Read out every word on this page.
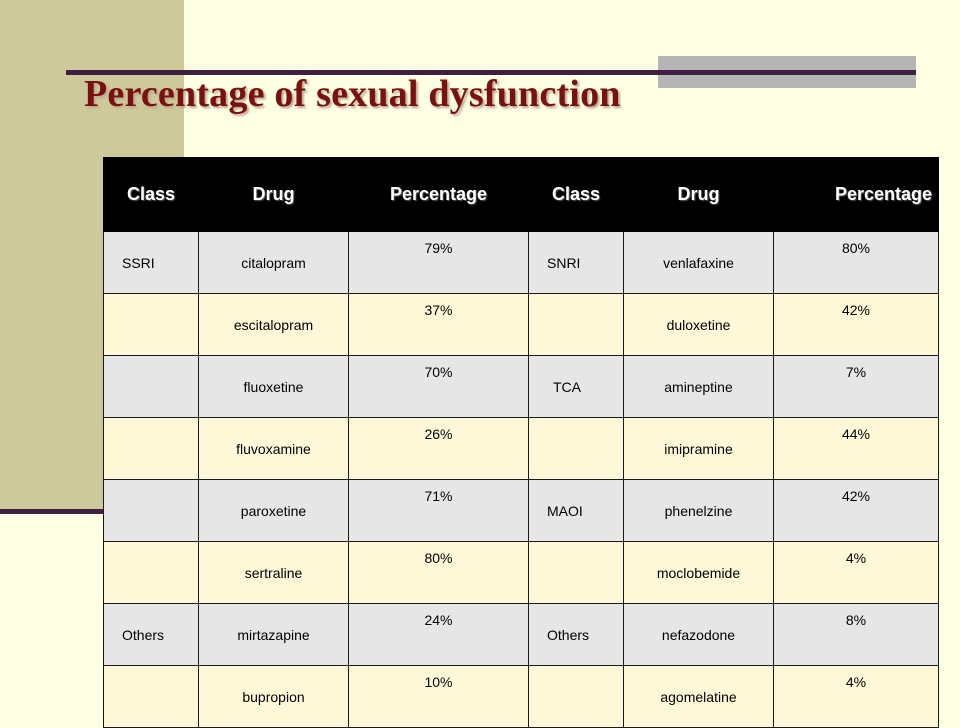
Percentage of sexual dysfunction
Class	Drug	Percentage	Class	Drug	Percentage
SSRI	citalopram	79%	SNRI	venlafaxine	80%
	escitalopram	37%		duloxetine	42%
	fluoxetine	70%	TCA	amineptine	7%
	fluvoxamine	26%		imipramine	44%
	paroxetine	71%	MAOI	phenelzine	42%
	sertraline	80%		moclobemide	4%
Others	mirtazapine	24%	Others	nefazodone	8%
	bupropion	10%		agomelatine	4%
